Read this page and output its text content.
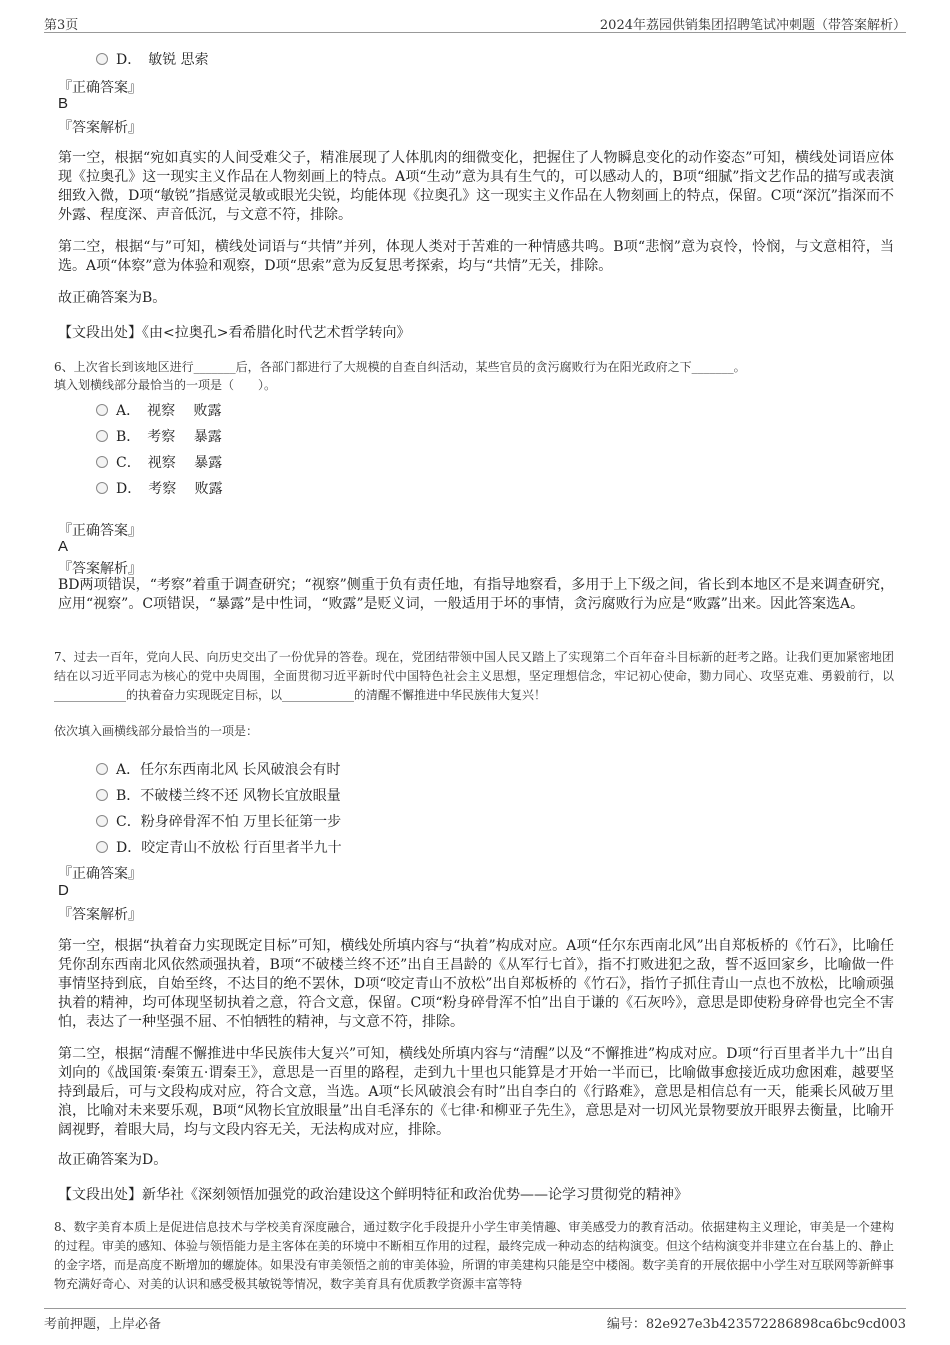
第3页	2024年荔园供销集团招聘笔试冲刺题（带答案解析）
D．　敏锐 思索
『正确答案』
B
『答案解析』
第一空，根据“宛如真实的人间受难父子，精准展现了人体肌肉的细微变化，把握住了人物瞬息变化的动作姿态”可知，横线处词语应体现《拉奥孔》这一现实主义作品在人物刻画上的特点。A项“生动”意为具有生气的，可以感动人的，B项“细腻”指文艺作品的描写或表演细致入微，D项“敏锐”指感觉灵敏或眼光尖锐，均能体现《拉奥孔》这一现实主义作品在人物刻画上的特点，保留。C项“深沉”指深而不外露、程度深、声音低沉，与文意不符，排除。
第二空，根据“与”可知，横线处词语与“共情”并列，体现人类对于苦难的一种情感共鸣。B项“悲悯”意为哀怜，怜悯，与文意相符，当选。A项“体察”意为体验和观察，D项“思索”意为反复思考探索，均与“共情”无关，排除。
故正确答案为B。
【文段出处】《由<拉奥孔>看希腊化时代艺术哲学转向》
6、上次省长到该地区进行_______后，各部门都进行了大规模的自查自纠活动，某些官员的贪污腐败行为在阳光政府之下_______。
填入划横线部分最恰当的一项是（　　）。
A．　视察　 败露
B．　考察　 暴露
C．　视察　 暴露
D．　考察　 败露
『正确答案』
A
『答案解析』
BD两项错误，“考察”着重于调查研究；“视察”侧重于负有责任地，有指导地察看，多用于上下级之间，省长到本地区不是来调查研究，应用“视察”。C项错误，“暴露”是中性词，“败露”是贬义词，一般适用于坏的事情，贪污腐败行为应是“败露”出来。因此答案选A。
7、过去一百年，党向人民、向历史交出了一份优异的答卷。现在，党团结带领中国人民又踏上了实现第二个百年奋斗目标新的赶考之路。让我们更加紧密地团结在以习近平同志为核心的党中央周围，全面贯彻习近平新时代中国特色社会主义思想，坚定理想信念，牢记初心使命，勠力同心、攻坚克难、勇毅前行，以____________的执着奋力实现既定目标，以____________的清醒不懈推进中华民族伟大复兴！
依次填入画横线部分最恰当的一项是：
A．任尔东西南北风 长风破浪会有时
B．不破楼兰终不还 风物长宜放眼量
C．粉身碎骨浑不怕 万里长征第一步
D．咬定青山不放松 行百里者半九十
『正确答案』
D
『答案解析』
第一空，根据“执着奋力实现既定目标”可知，横线处所填内容与“执着”构成对应。A项“任尔东西南北风”出自郑板桥的《竹石》，比喻任凭你刮东西南北风依然顽强执着，B项“不破楼兰终不还”出自王昌龄的《从军行七首》，指不打败进犯之敌，誓不返回家乡，比喻做一件事情坚持到底，自始至终，不达目的绝不罢休，D项“咬定青山不放松”出自郑板桥的《竹石》，指竹子抓住青山一点也不放松，比喻顽强执着的精神，均可体现坚韧执着之意，符合文意，保留。C项“粉身碎骨浑不怕”出自于谦的《石灰吟》，意思是即使粉身碎骨也完全不害怕，表达了一种坚强不屈、不怕牺牲的精神，与文意不符，排除。
第二空，根据“清醒不懈推进中华民族伟大复兴”可知，横线处所填内容与“清醒”以及“不懈推进”构成对应。D项“行百里者半九十”出自刘向的《战国策·秦策五·谓秦王》，意思是一百里的路程，走到九十里也只能算是才开始一半而已，比喻做事愈接近成功愈困难，越要坚持到最后，可与文段构成对应，符合文意，当选。A项“长风破浪会有时”出自李白的《行路难》，意思是相信总有一天，能乘长风破万里浪，比喻对未来要乐观，B项“风物长宜放眼量”出自毛泽东的《七律·和柳亚子先生》，意思是对一切风光景物要放开眼界去衡量，比喻开阔视野，着眼大局，均与文段内容无关，无法构成对应，排除。
故正确答案为D。
【文段出处】新华社《深刻领悟加强党的政治建设这个鲜明特征和政治优势——论学习贯彻党的精神》
8、数字美育本质上是促进信息技术与学校美育深度融合，通过数字化手段提升小学生审美情趣、审美感受力的教育活动。依据建构主义理论，审美是一个建构的过程。审美的感知、体验与领悟能力是主客体在美的环境中不断相互作用的过程，最终完成一种动态的结构演变。但这个结构演变并非建立在台基上的、静止的金字塔，而是高度不断增加的螺旋体。如果没有审美领悟之前的审美体验，所谓的审美建构只能是空中楼阁。数字美育的开展依据中小学生对互联网等新鲜事物充满好奇心、对美的认识和感受极其敏锐等情况，数字美育具有优质教学资源丰富等特
考前押题，上岸必备	编号：82e927e3b423572286898ca6bc9cd003
